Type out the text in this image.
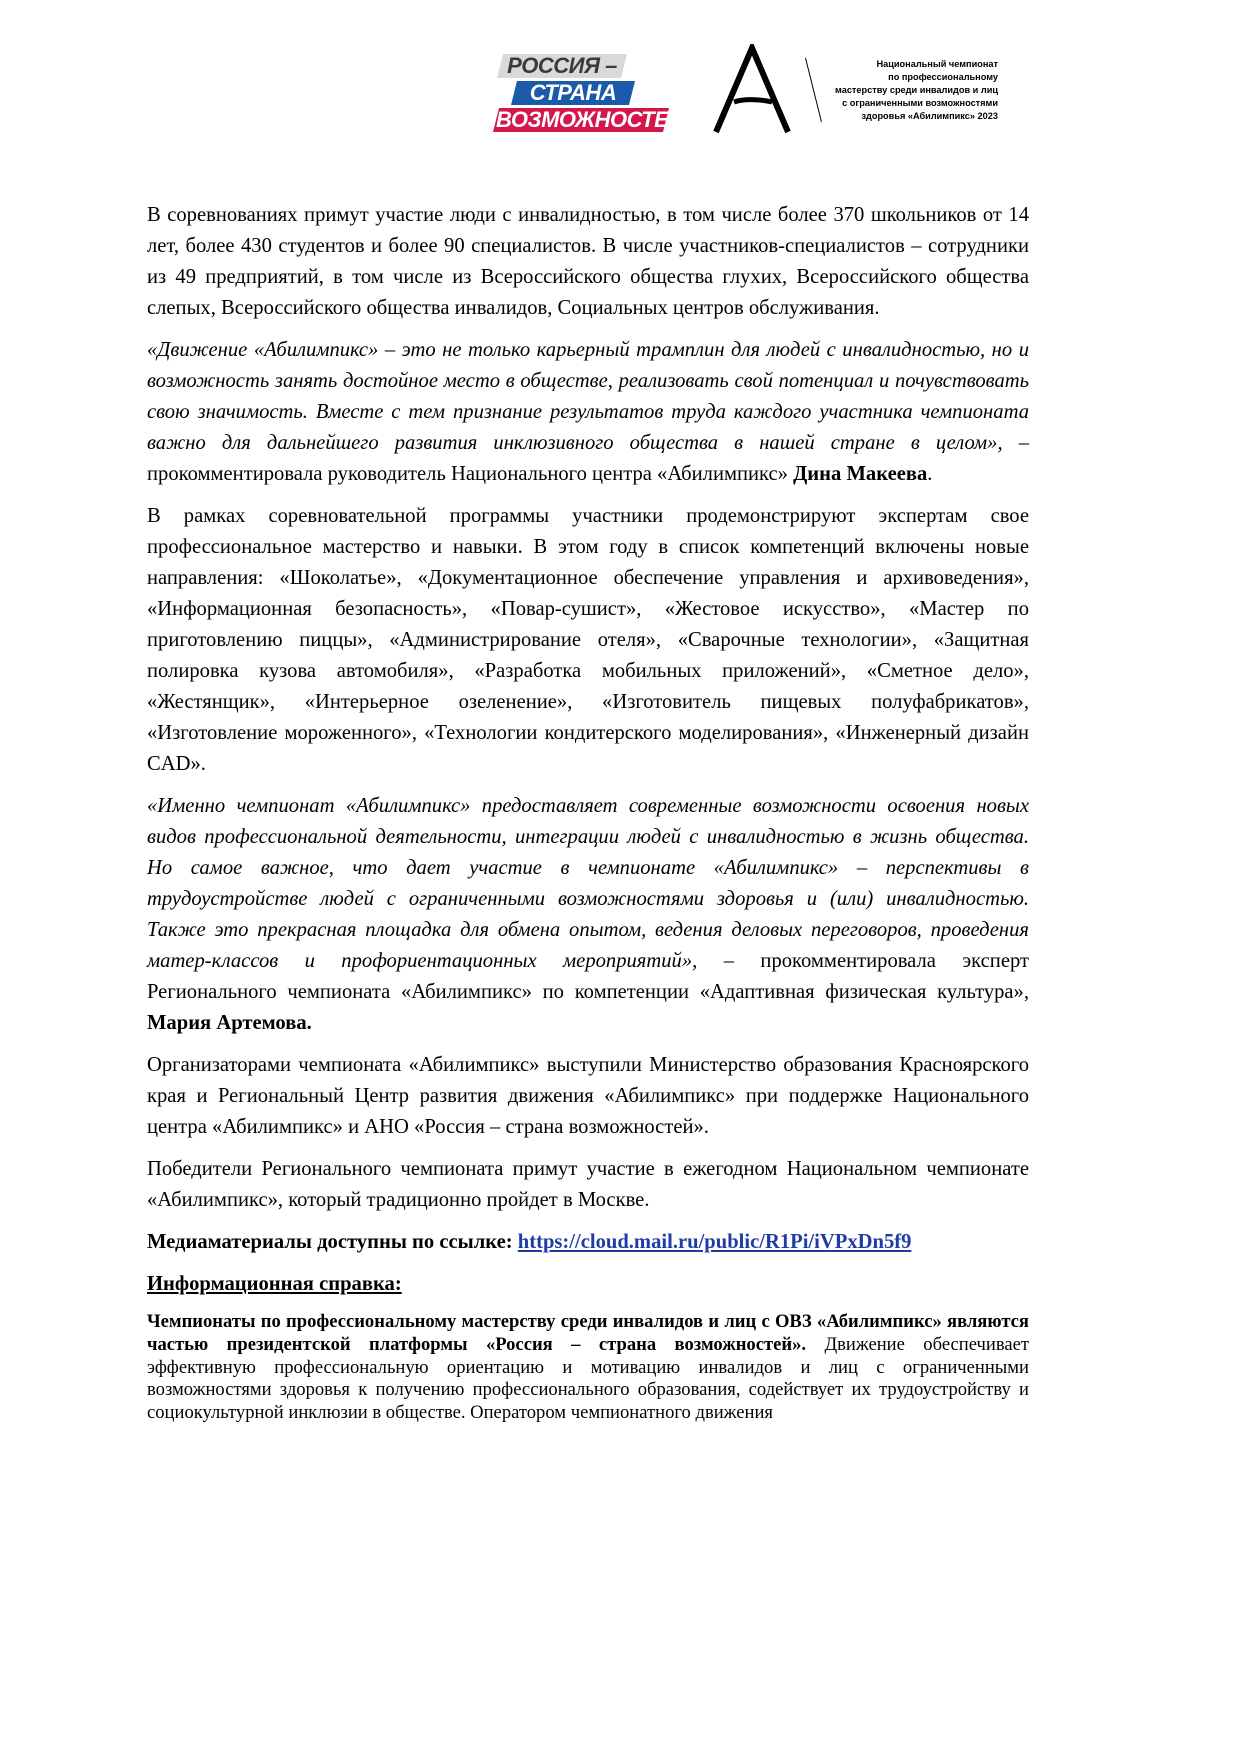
РОССИЯ –
СТРАНА
ВОЗМОЖНОСТЕЙ
Национальный чемпионат
по профессиональному
мастерству среди инвалидов и лиц
с ограниченными возможностями
здоровья «Абилимпикс» 2023

В соревнованиях примут участие люди с инвалидностью, в том числе более 370 школьников от 14 лет, более 430 студентов и более 90 специалистов. В числе участников-специалистов – сотрудники из 49 предприятий, в том числе из Всероссийского общества глухих, Всероссийского общества слепых, Всероссийского общества инвалидов, Социальных центров обслуживания.

«Движение «Абилимпикс» – это не только карьерный трамплин для людей с инвалидностью, но и возможность занять достойное место в обществе, реализовать свой потенциал и почувствовать свою значимость. Вместе с тем признание результатов труда каждого участника чемпионата важно для дальнейшего развития инклюзивного общества в нашей стране в целом», – прокомментировала руководитель Национального центра «Абилимпикс» Дина Макеева.

В рамках соревновательной программы участники продемонстрируют экспертам свое профессиональное мастерство и навыки. В этом году в список компетенций включены новые направления: «Шоколатье», «Документационное обеспечение управления и архивоведения», «Информационная безопасность», «Повар-сушист», «Жестовое искусство», «Мастер по приготовлению пиццы», «Администрирование отеля», «Сварочные технологии», «Защитная полировка кузова автомобиля», «Разработка мобильных приложений», «Сметное дело», «Жестянщик», «Интерьерное озеленение», «Изготовитель пищевых полуфабрикатов», «Изготовление мороженного», «Технологии кондитерского моделирования», «Инженерный дизайн CAD».

«Именно чемпионат «Абилимпикс» предоставляет современные возможности освоения новых видов профессиональной деятельности, интеграции людей с инвалидностью в жизнь общества. Но самое важное, что дает участие в чемпионате «Абилимпикс» – перспективы в трудоустройстве людей с ограниченными возможностями здоровья и (или) инвалидностью. Также это прекрасная площадка для обмена опытом, ведения деловых переговоров, проведения матер-классов и профориентационных мероприятий», – прокомментировала эксперт Регионального чемпионата «Абилимпикс» по компетенции «Адаптивная физическая культура», Мария Артемова.

Организаторами чемпионата «Абилимпикс» выступили Министерство образования Красноярского края и Региональный Центр развития движения «Абилимпикс» при поддержке Национального центра «Абилимпикс» и АНО «Россия – страна возможностей».

Победители Регионального чемпионата примут участие в ежегодном Национальном чемпионате «Абилимпикс», который традиционно пройдет в Москве.

Медиаматериалы доступны по ссылке: https://cloud.mail.ru/public/R1Pi/iVPxDn5f9

Информационная справка:

Чемпионаты по профессиональному мастерству среди инвалидов и лиц с ОВЗ «Абилимпикс» являются частью президентской платформы «Россия – страна возможностей». Движение обеспечивает эффективную профессиональную ориентацию и мотивацию инвалидов и лиц с ограниченными возможностями здоровья к получению профессионального образования, содействует их трудоустройству и социокультурной инклюзии в обществе. Оператором чемпионатного движения
